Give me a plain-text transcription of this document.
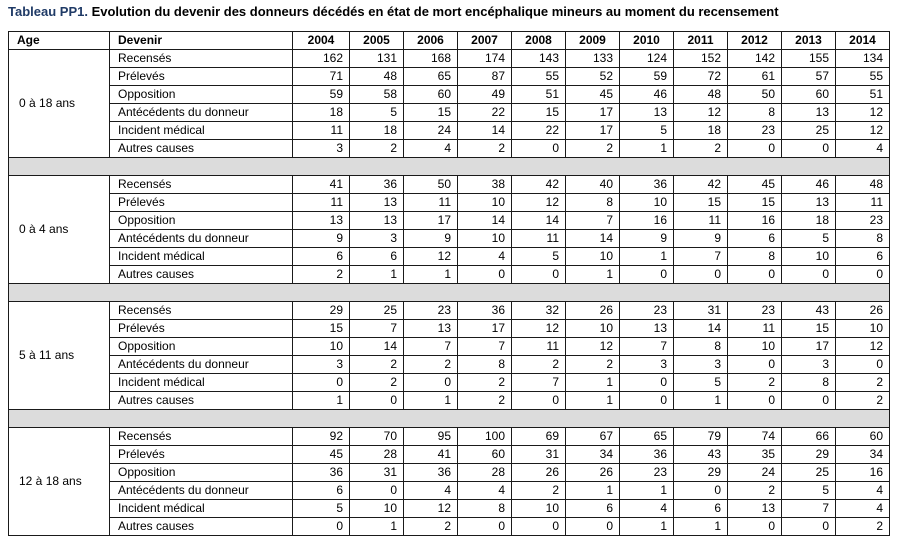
Tableau PP1. Evolution du devenir des donneurs décédés en état de mort encéphalique mineurs au moment du recensement
Age	Devenir	2004	2005	2006	2007	2008	2009	2010	2011	2012	2013	2014
0 à 18 ans	Recensés	162	131	168	174	143	133	124	152	142	155	134
	Prélevés	71	48	65	87	55	52	59	72	61	57	55
	Opposition	59	58	60	49	51	45	46	48	50	60	51
	Antécédents du donneur	18	5	15	22	15	17	13	12	8	13	12
	Incident médical	11	18	24	14	22	17	5	18	23	25	12
	Autres causes	3	2	4	2	0	2	1	2	0	0	4

0 à 4 ans	Recensés	41	36	50	38	42	40	36	42	45	46	48
	Prélevés	11	13	11	10	12	8	10	15	15	13	11
	Opposition	13	13	17	14	14	7	16	11	16	18	23
	Antécédents du donneur	9	3	9	10	11	14	9	9	6	5	8
	Incident médical	6	6	12	4	5	10	1	7	8	10	6
	Autres causes	2	1	1	0	0	1	0	0	0	0	0

5 à 11 ans	Recensés	29	25	23	36	32	26	23	31	23	43	26
	Prélevés	15	7	13	17	12	10	13	14	11	15	10
	Opposition	10	14	7	7	11	12	7	8	10	17	12
	Antécédents du donneur	3	2	2	8	2	2	3	3	0	3	0
	Incident médical	0	2	0	2	7	1	0	5	2	8	2
	Autres causes	1	0	1	2	0	1	0	1	0	0	2

12 à 18 ans	Recensés	92	70	95	100	69	67	65	79	74	66	60
	Prélevés	45	28	41	60	31	34	36	43	35	29	34
	Opposition	36	31	36	28	26	26	23	29	24	25	16
	Antécédents du donneur	6	0	4	4	2	1	1	0	2	5	4
	Incident médical	5	10	12	8	10	6	4	6	13	7	4
	Autres causes	0	1	2	0	0	0	1	1	0	0	2
